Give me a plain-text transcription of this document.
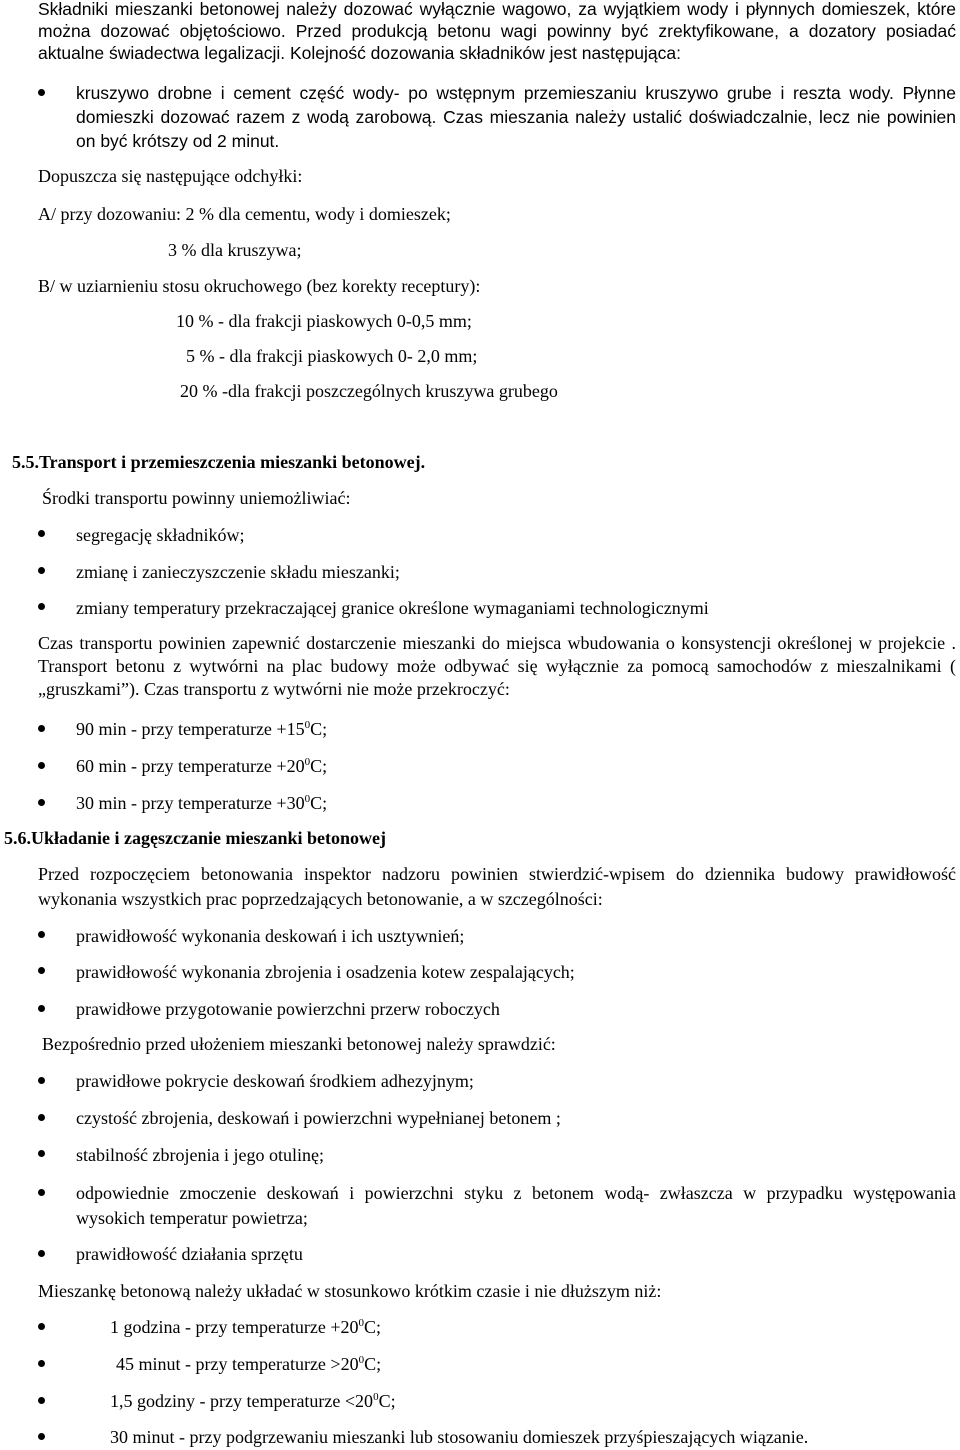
Składniki mieszanki betonowej należy dozować wyłącznie wagowo, za wyjątkiem wody i płynnych domieszek, które można dozować objętościowo. Przed produkcją betonu wagi powinny być zrektyfikowane, a dozatory posiadać aktualne świadectwa legalizacji. Kolejność dozowania składników jest następująca:

kruszywo drobne i cement część wody- po wstępnym przemieszaniu kruszywo grube i reszta wody. Płynne domieszki dozować razem z wodą zarobową. Czas mieszania należy ustalić doświadczalnie, lecz nie powinien on być krótszy od 2 minut.

Dopuszcza się następujące odchyłki:
A/ przy dozowaniu: 2 % dla cementu, wody i domieszek;
3 % dla kruszywa;
B/ w uziarnieniu stosu okruchowego (bez korekty receptury):
10 % - dla frakcji piaskowych 0-0,5 mm;
5 % - dla frakcji piaskowych 0- 2,0 mm;
20 % -dla frakcji poszczególnych kruszywa grubego
5.5.Transport i przemieszczenia mieszanki betonowej.
Środki transportu powinny uniemożliwiać:
segregację składników;
zmianę i zanieczyszczenie składu mieszanki;
zmiany temperatury przekraczającej granice określone wymaganiami technologicznymi

Czas transportu powinien zapewnić dostarczenie mieszanki do miejsca wbudowania o konsystencji określonej w projekcie . Transport betonu z wytwórni na plac budowy może odbywać się wyłącznie za pomocą samochodów z mieszalnikami ( „gruszkami”). Czas transportu z wytwórni nie może przekroczyć:

90 min - przy temperaturze $+15^0C$;
60 min - przy temperaturze $+20^0C$;
30 min - przy temperaturze $+30^0C$;
5.6.Układanie i zagęszczanie mieszanki betonowej

Przed rozpoczęciem betonowania inspektor nadzoru powinien stwierdzić-wpisem do dziennika budowy prawidłowość wykonania wszystkich prac poprzedzających betonowanie, a w szczególności:

prawidłowość wykonania deskowań i ich usztywnień;
prawidłowość wykonania zbrojenia i osadzenia kotew zespalających;
prawidłowe przygotowanie powierzchni przerw roboczych
Bezpośrednio przed ułożeniem mieszanki betonowej należy sprawdzić:
prawidłowe pokrycie deskowań środkiem adhezyjnym;
czystość zbrojenia, deskowań i powierzchni wypełnianej betonem ;
stabilność zbrojenia i jego otulinę;

odpowiednie zmoczenie deskowań i powierzchni styku z betonem wodą- zwłaszcza w przypadku występowania wysokich temperatur powietrza;

prawidłowość działania sprzętu
Mieszankę betonową należy układać w stosunkowo krótkim czasie i nie dłuższym niż:
1 godzina - przy temperaturze $+20^0C$;
45 minut - przy temperaturze $>20^0C$;
1,5 godziny - przy temperaturze $<20^0C$;
30 minut - przy podgrzewaniu mieszanki lub stosowaniu domieszek przyśpieszających wiązanie.
